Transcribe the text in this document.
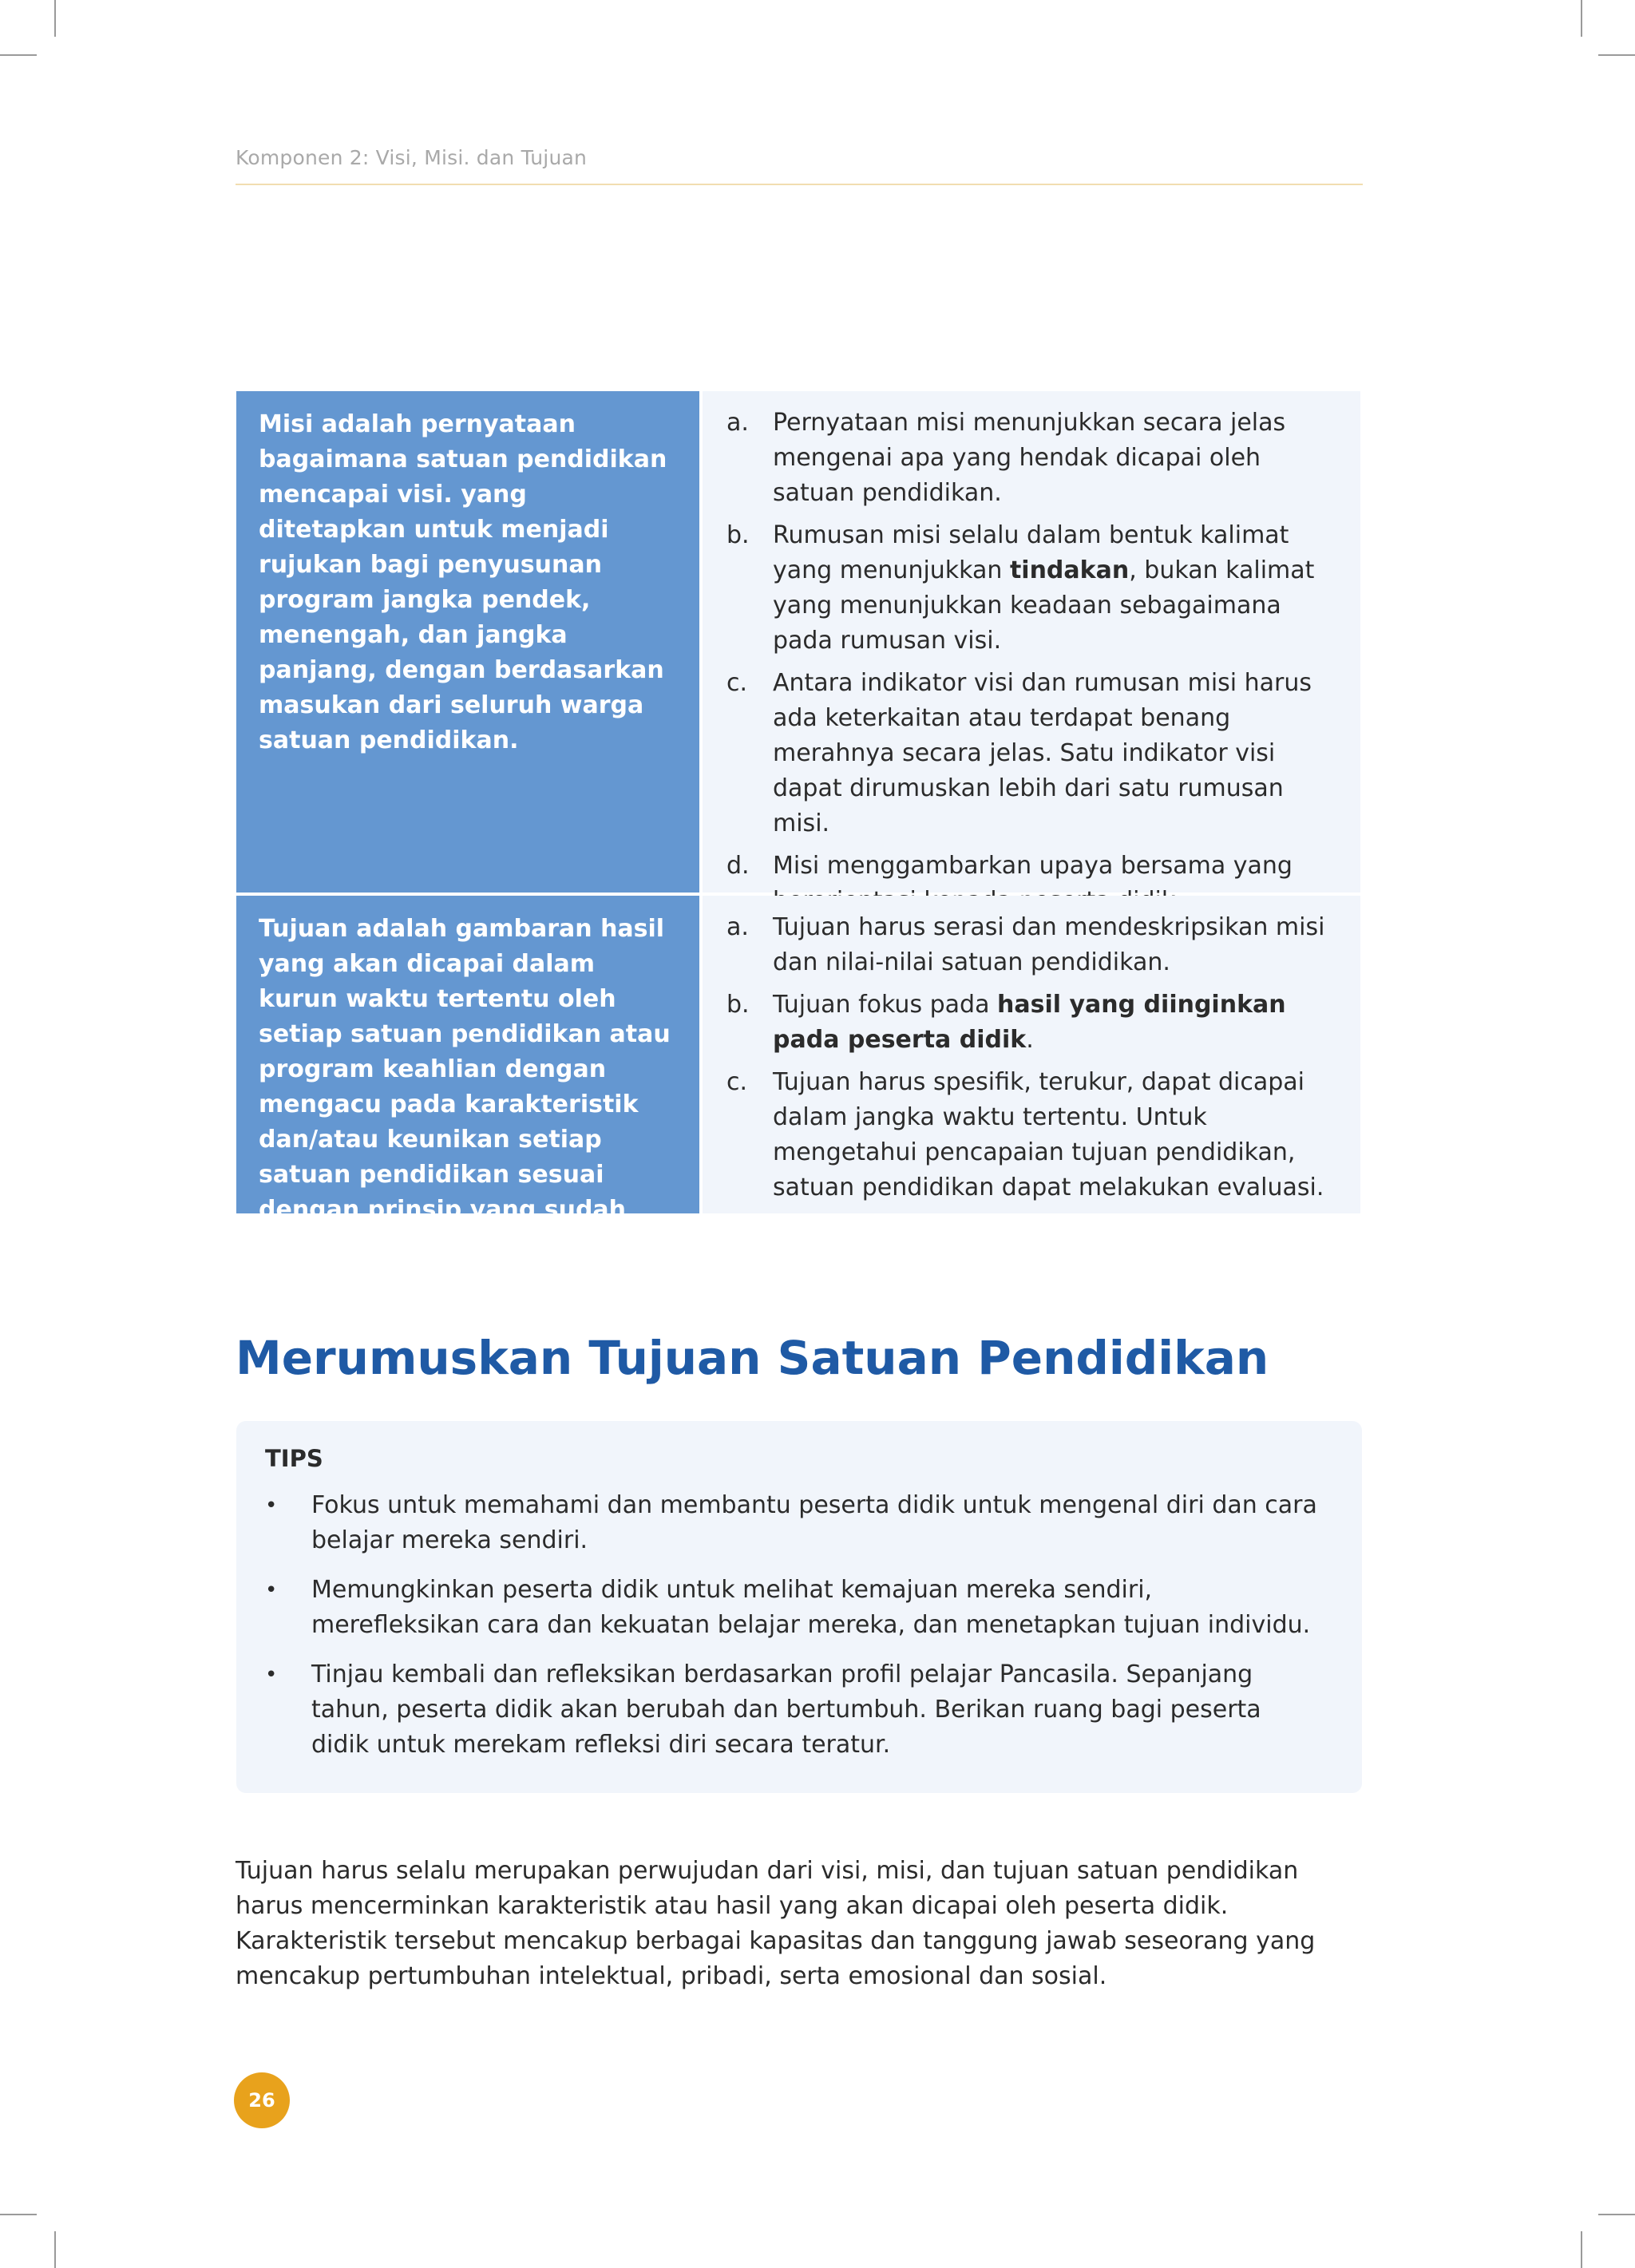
Komponen 2: Visi, Misi. dan Tujuan
Misi adalah pernyataan bagaimana satuan pendidikan mencapai visi. yang ditetapkan untuk menjadi rujukan bagi penyusunan program jangka pendek, menengah, dan jangka panjang, dengan berdasarkan masukan dari seluruh warga satuan pendidikan.
a.	Pernyataan misi menunjukkan secara jelas mengenai apa yang hendak dicapai oleh satuan pendidikan.
b. Rumusan misi selalu dalam bentuk kalimat yang menunjukkan tindakan, bukan kalimat yang menunjukkan keadaan sebagaimana pada rumusan visi.
c.	Antara indikator visi dan rumusan misi harus ada keterkaitan atau terdapat benang merahnya secara jelas. Satu indikator visi dapat dirumuskan lebih dari satu rumusan misi.
d. Misi menggambarkan upaya bersama yang
Tujuan adalah gambaran hasil yang akan dicapai dalam kurun waktu tertentu oleh setiap satuan pendidikan atau program keahlian dengan mengacu pada karakteristik dan/atau keunikan setiap satuan pendidikan sesuai dengan prinsip yang sudah ditetapkan.
a.	Tujuan harus serasi dan mendeskripsikan misi dan nilai-nilai satuan pendidikan.
b. Tujuan fokus pada hasil yang diinginkan pada peserta didik.
c.	Tujuan harus spesifik, terukur, dapat dicapai dalam jangka waktu tertentu. Untuk mengetahui pencapaian tujuan pendidikan, satuan pendidikan dapat melakukan evaluasi.
Merumuskan Tujuan Satuan Pendidikan
TIPS
•	Fokus untuk memahami dan membantu peserta didik untuk mengenal diri dan cara belajar mereka sendiri.
•	Memungkinkan peserta didik untuk melihat kemajuan mereka sendiri, merefleksikan cara dan kekuatan belajar mereka, dan menetapkan tujuan individu.
•	Tinjau kembali dan refleksikan berdasarkan profil pelajar Pancasila. Sepanjang tahun, peserta didik akan berubah dan bertumbuh. Berikan ruang bagi peserta didik untuk merekam refleksi diri secara teratur.

Tujuan harus selalu merupakan perwujudan dari visi, misi, dan tujuan satuan pendidikan harus mencerminkan karakteristik atau hasil yang akan dicapai oleh peserta didik. Karakteristik tersebut mencakup berbagai kapasitas dan tanggung jawab seseorang yang mencakup pertumbuhan intelektual, pribadi, serta emosional dan sosial.

26
